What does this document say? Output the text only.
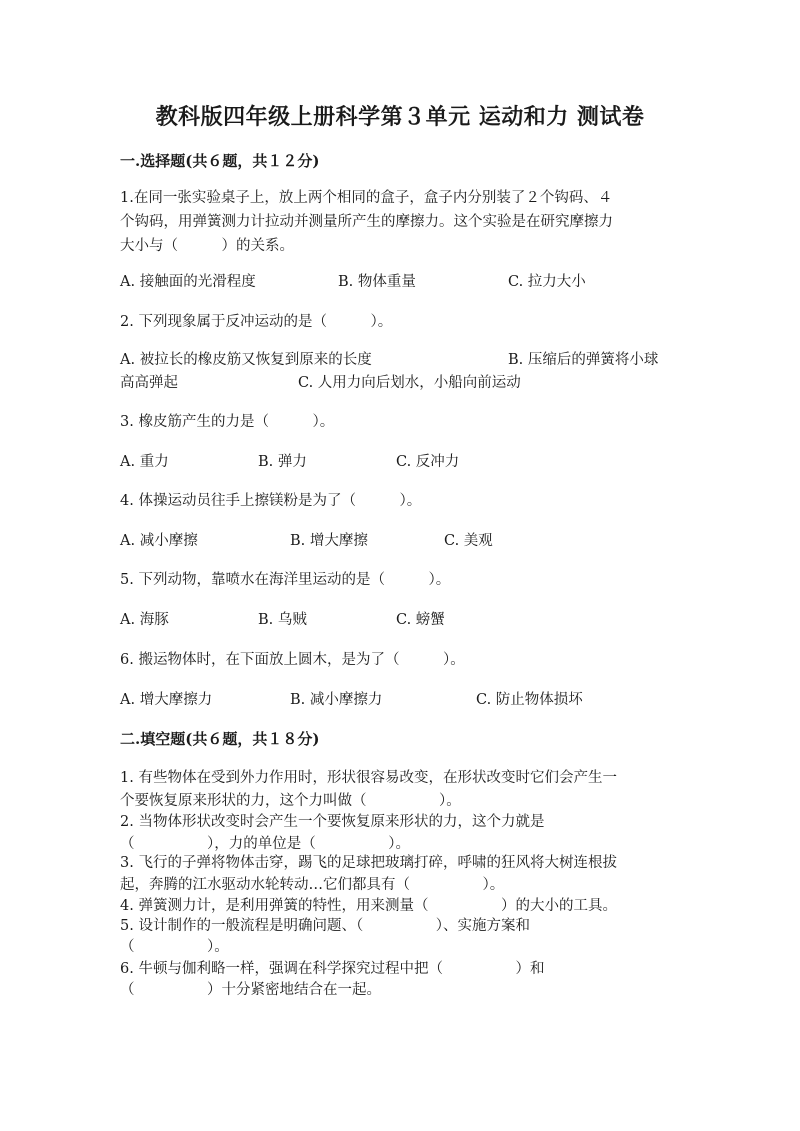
教科版四年级上册科学第３单元 运动和力 测试卷
一.选择题(共６题，共１２分)
1.在同一张实验桌子上，放上两个相同的盒子，盒子内分别装了２个钩码、４
个钩码，用弹簧测力计拉动并测量所产生的摩擦力。这个实验是在研究摩擦力
大小与（　　　）的关系。
A. 接触面的光滑程度	B. 物体重量	C. 拉力大小
2. 下列现象属于反冲运动的是（　　　）。
A. 被拉长的橡皮筋又恢复到原来的长度	B. 压缩后的弹簧将小球
高高弹起	C. 人用力向后划水，小船向前运动
3. 橡皮筋产生的力是（　　　）。
A. 重力	B. 弹力	C. 反冲力
4. 体操运动员往手上擦镁粉是为了（　　　）。
A. 减小摩擦	B. 增大摩擦	C. 美观
5. 下列动物，靠喷水在海洋里运动的是（　　　）。
A. 海豚	B. 乌贼	C. 螃蟹
6. 搬运物体时，在下面放上圆木，是为了（　　　）。
A. 增大摩擦力	B. 减小摩擦力	C. 防止物体损坏
二.填空题(共６题，共１８分)
1. 有些物体在受到外力作用时，形状很容易改变，在形状改变时它们会产生一
个要恢复原来形状的力，这个力叫做（　　　　　）。
2. 当物体形状改变时会产生一个要恢复原来形状的力，这个力就是
（　　　　　），力的单位是（　　　　　）。
3. 飞行的子弹将物体击穿，踢飞的足球把玻璃打碎，呼啸的狂风将大树连根拔
起，奔腾的江水驱动水轮转动…它们都具有（　　　　　）。
4. 弹簧测力计，是利用弹簧的特性，用来测量（　　　　　）的大小的工具。
5. 设计制作的一般流程是明确问题、（　　　　　）、实施方案和
（　　　　　）。
6. 牛顿与伽利略一样，强调在科学探究过程中把（　　　　　）和
（　　　　　）十分紧密地结合在一起。
